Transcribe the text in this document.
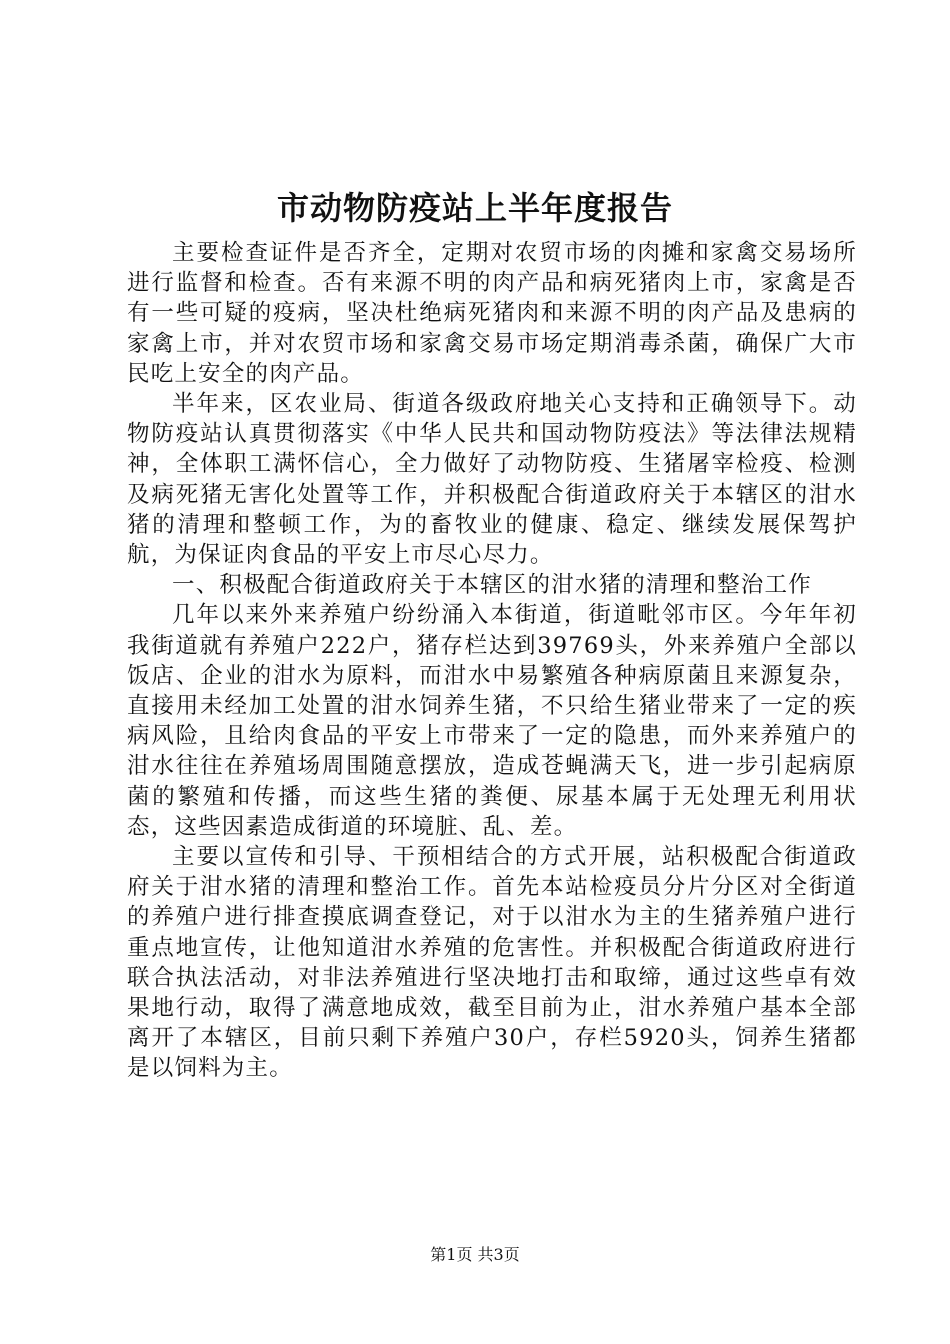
市动物防疫站上半年度报告

主要检查证件是否齐全，定期对农贸市场的肉摊和家禽交易场所进行监督和检查。否有来源不明的肉产品和病死猪肉上市，家禽是否有一些可疑的疫病，坚决杜绝病死猪肉和来源不明的肉产品及患病的家禽上市，并对农贸市场和家禽交易市场定期消毒杀菌，确保广大市民吃上安全的肉产品。

半年来，区农业局、街道各级政府地关心支持和正确领导下。动物防疫站认真贯彻落实《中华人民共和国动物防疫法》等法律法规精神，全体职工满怀信心，全力做好了动物防疫、生猪屠宰检疫、检测及病死猪无害化处置等工作，并积极配合街道政府关于本辖区的泔水猪的清理和整顿工作，为的畜牧业的健康、稳定、继续发展保驾护航，为保证肉食品的平安上市尽心尽力。

一、积极配合街道政府关于本辖区的泔水猪的清理和整治工作

几年以来外来养殖户纷纷涌入本街道，街道毗邻市区。今年年初我街道就有养殖户222户，猪存栏达到39769头，外来养殖户全部以饭店、企业的泔水为原料，而泔水中易繁殖各种病原菌且来源复杂，直接用未经加工处置的泔水饲养生猪，不只给生猪业带来了一定的疾病风险，且给肉食品的平安上市带来了一定的隐患，而外来养殖户的泔水往往在养殖场周围随意摆放，造成苍蝇满天飞，进一步引起病原菌的繁殖和传播，而这些生猪的粪便、尿基本属于无处理无利用状态，这些因素造成街道的环境脏、乱、差。

主要以宣传和引导、干预相结合的方式开展，站积极配合街道政府关于泔水猪的清理和整治工作。首先本站检疫员分片分区对全街道的养殖户进行排查摸底调查登记，对于以泔水为主的生猪养殖户进行重点地宣传，让他知道泔水养殖的危害性。并积极配合街道政府进行联合执法活动，对非法养殖进行坚决地打击和取缔，通过这些卓有效果地行动，取得了满意地成效，截至目前为止，泔水养殖户基本全部离开了本辖区，目前只剩下养殖户30户，存栏5920头，饲养生猪都是以饲料为主。

第1页 共3页
